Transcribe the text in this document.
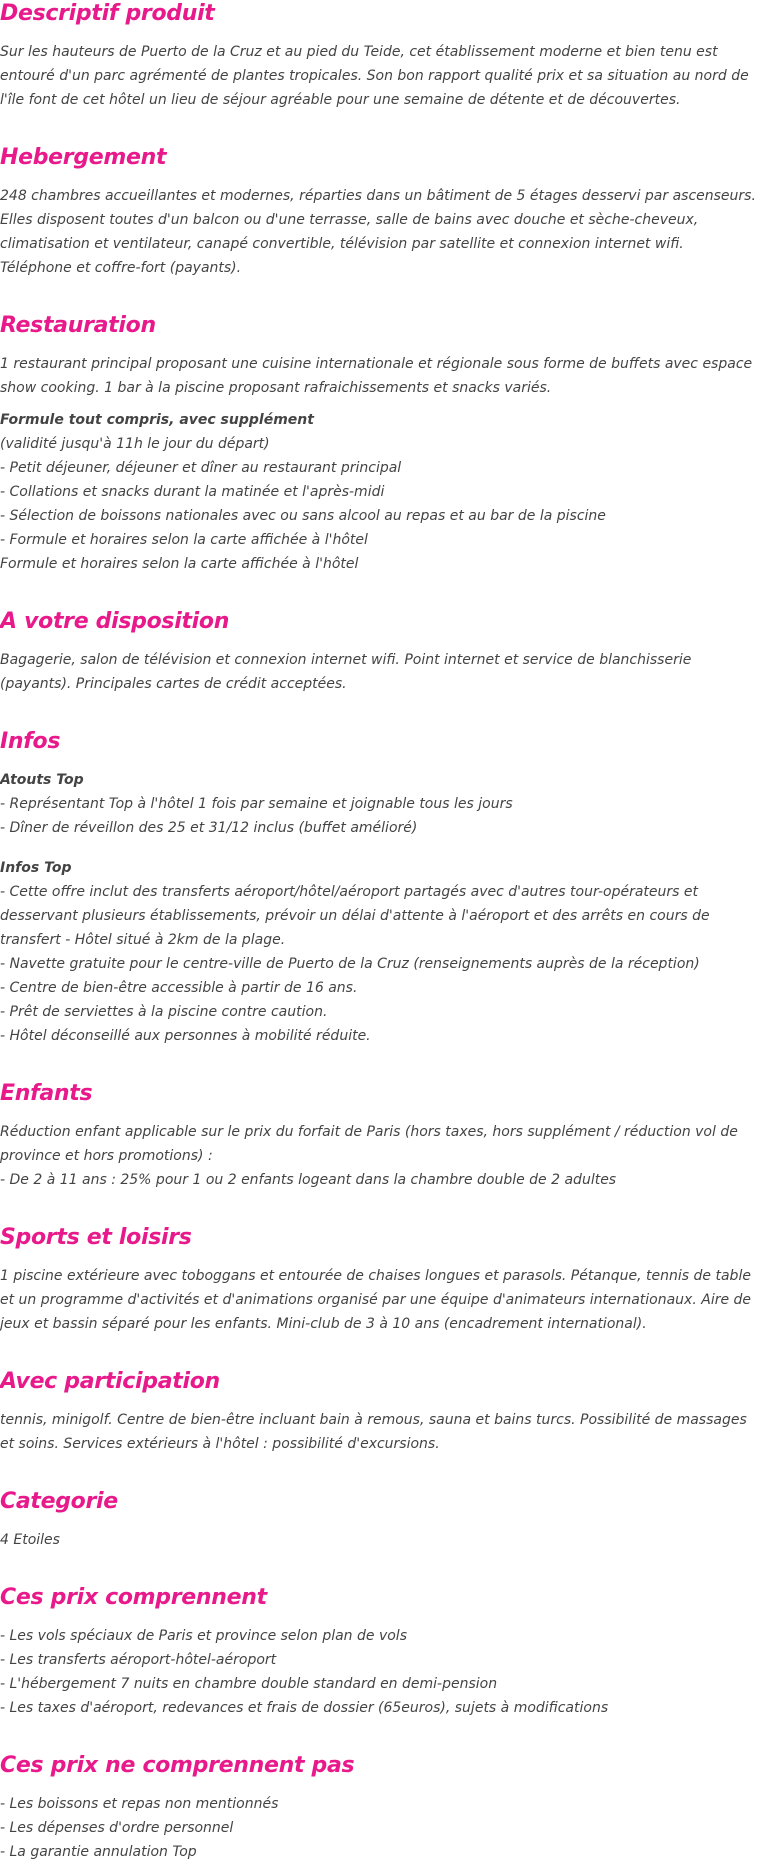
Descriptif produit

Sur les hauteurs de Puerto de la Cruz et au pied du Teide, cet établissement moderne et bien tenu est entouré d'un parc agrémenté de plantes tropicales. Son bon rapport qualité prix et sa situation au nord de l'île font de cet hôtel un lieu de séjour agréable pour une semaine de détente et de découvertes.

Hebergement

248 chambres accueillantes et modernes, réparties dans un bâtiment de 5 étages desservi par ascenseurs. Elles disposent toutes d'un balcon ou d'une terrasse, salle de bains avec douche et sèche-cheveux, climatisation et ventilateur, canapé convertible, télévision par satellite et connexion internet wifi. Téléphone et coffre-fort (payants).

Restauration

1 restaurant principal proposant une cuisine internationale et régionale sous forme de buffets avec espace show cooking. 1 bar à la piscine proposant rafraichissements et snacks variés.

Formule tout compris, avec supplément
(validité jusqu'à 11h le jour du départ)
- Petit déjeuner, déjeuner et dîner au restaurant principal
- Collations et snacks durant la matinée et l'après-midi
- Sélection de boissons nationales avec ou sans alcool au repas et au bar de la piscine
- Formule et horaires selon la carte affichée à l'hôtel
Formule et horaires selon la carte affichée à l'hôtel
A votre disposition

Bagagerie, salon de télévision et connexion internet wifi. Point internet et service de blanchisserie (payants). Principales cartes de crédit acceptées.

Infos
Atouts Top
- Représentant Top à l'hôtel 1 fois par semaine et joignable tous les jours
- Dîner de réveillon des 25 et 31/12 inclus (buffet amélioré)
Infos Top
- Cette offre inclut des transferts aéroport/hôtel/aéroport partagés avec d'autres tour-opérateurs et desservant plusieurs établissements, prévoir un délai d'attente à l'aéroport et des arrêts en cours de transfert - Hôtel situé à 2km de la plage.
- Navette gratuite pour le centre-ville de Puerto de la Cruz (renseignements auprès de la réception)
- Centre de bien-être accessible à partir de 16 ans.
- Prêt de serviettes à la piscine contre caution.
- Hôtel déconseillé aux personnes à mobilité réduite.
Enfants
Réduction enfant applicable sur le prix du forfait de Paris (hors taxes, hors supplément / réduction vol de province et hors promotions) :
- De 2 à 11 ans : 25% pour 1 ou 2 enfants logeant dans la chambre double de 2 adultes
Sports et loisirs

1 piscine extérieure avec toboggans et entourée de chaises longues et parasols. Pétanque, tennis de table et un programme d'activités et d'animations organisé par une équipe d'animateurs internationaux. Aire de jeux et bassin séparé pour les enfants. Mini-club de 3 à 10 ans (encadrement international).

Avec participation

tennis, minigolf. Centre de bien-être incluant bain à remous, sauna et bains turcs. Possibilité de massages et soins. Services extérieurs à l'hôtel : possibilité d'excursions.

Categorie

4 Etoiles

Ces prix comprennent
- Les vols spéciaux de Paris et province selon plan de vols
- Les transferts aéroport-hôtel-aéroport
- L'hébergement 7 nuits en chambre double standard en demi-pension
- Les taxes d'aéroport, redevances et frais de dossier (65euros), sujets à modifications
Ces prix ne comprennent pas
- Les boissons et repas non mentionnés
- Les dépenses d'ordre personnel
- La garantie annulation Top
